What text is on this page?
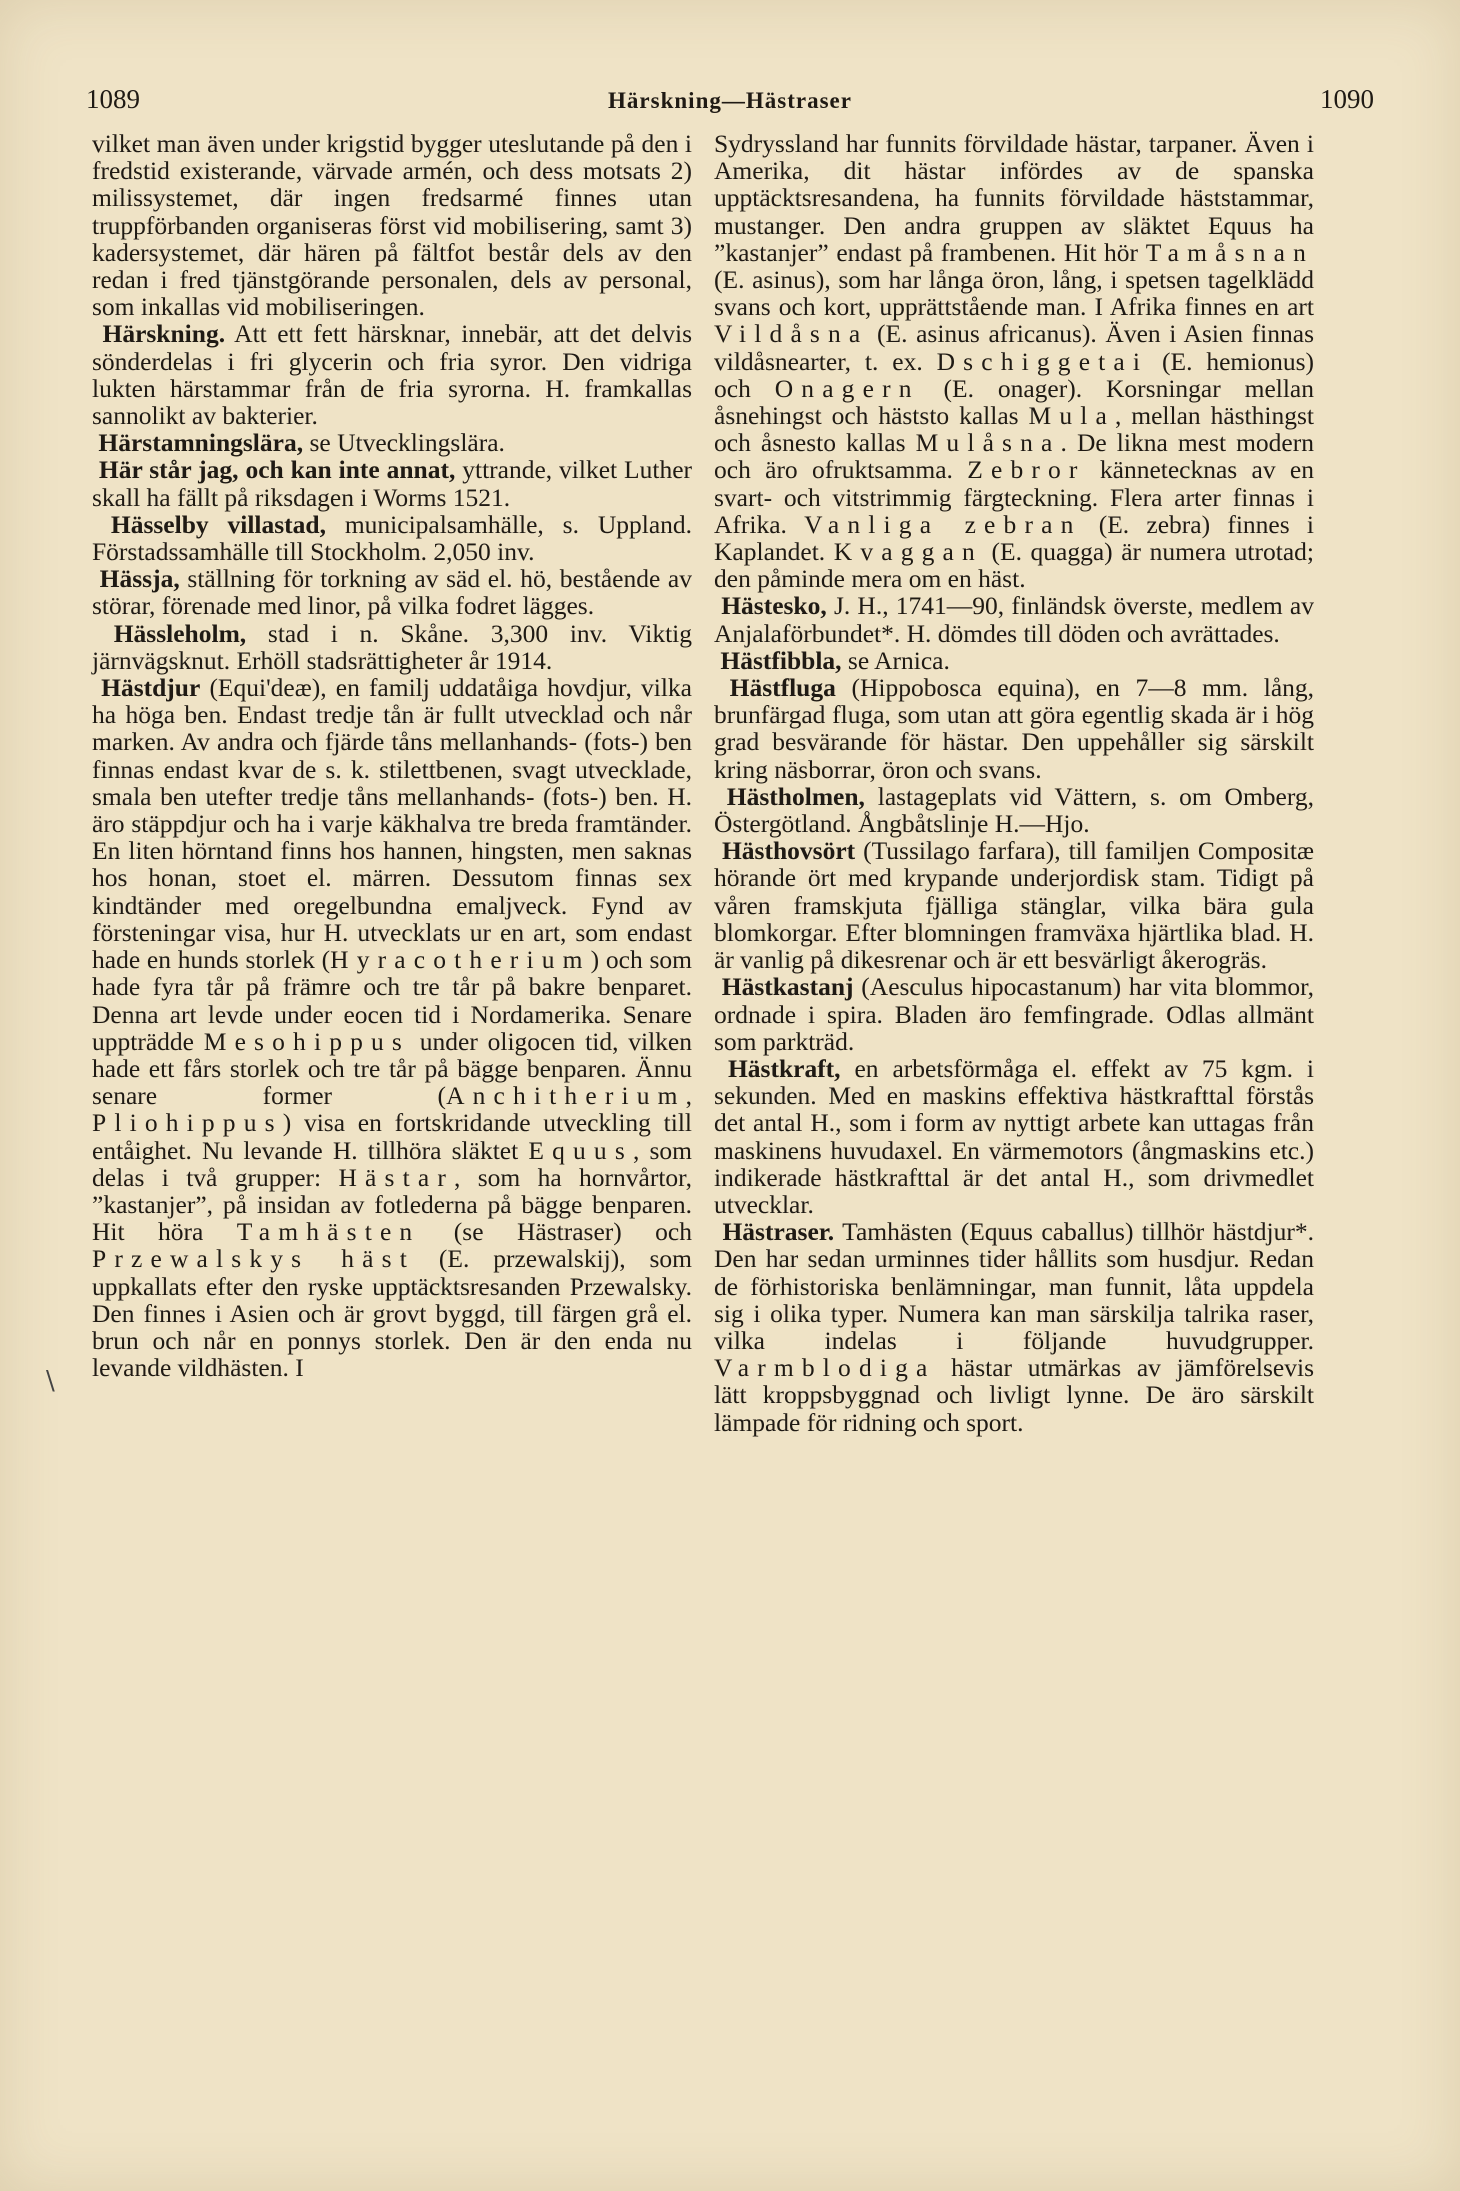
1089	Härskning—Hästraser	1090
\

vilket man även under krigstid bygger uteslutande på den i fredstid existerande, värvade armén, och dess motsats 2) milissystemet, där ingen fredsarmé finnes utan truppförbanden organiseras först vid mobilisering, samt 3) kadersystemet, där hären på fältfot består dels av den redan i fred tjänstgörande personalen, dels av personal, som inkallas vid mobiliseringen.

Härskning. Att ett fett härsknar, innebär, att det delvis sönderdelas i fri glycerin och fria syror. Den vidriga lukten härstammar från de fria syrorna. H. framkallas sannolikt av bakterier.

Härstamningslära, se Utvecklingslära.

Här står jag, och kan inte annat, yttrande, vilket Luther skall ha fällt på riksdagen i Worms 1521.

Hässelby villastad, municipalsamhälle, s. Uppland. Förstadssamhälle till Stockholm. 2,050 inv.

Hässja, ställning för torkning av säd el. hö, bestående av störar, förenade med linor, på vilka fodret lägges.

Hässleholm, stad i n. Skåne. 3,300 inv. Viktig järnvägsknut. Erhöll stadsrättigheter år 1914.

Hästdjur (Equi'deæ), en familj uddatåiga hovdjur, vilka ha höga ben. Endast tredje tån är fullt utvecklad och når marken. Av andra och fjärde tåns mellanhands- (fots-) ben finnas endast kvar de s. k. stilettbenen, svagt utvecklade, smala ben utefter tredje tåns mellanhands- (fots-) ben. H. äro stäppdjur och ha i varje käkhalva tre breda framtänder. En liten hörntand finns hos hannen, hingsten, men saknas hos honan, stoet el. märren. Dessutom finnas sex kindtänder med oregelbundna emaljveck. Fynd av försteningar visa, hur H. utvecklats ur en art, som endast hade en hunds storlek (Hyracotherium) och som hade fyra tår på främre och tre tår på bakre benparet. Denna art levde under eocen tid i Nordamerika. Senare uppträdde Mesohippus under oligocen tid, vilken hade ett fårs storlek och tre tår på bägge benparen. Ännu senare former (Anchitherium, Pliohippus) visa en fortskridande utveckling till entåighet. Nu levande H. tillhöra släktet Equus, som delas i två grupper: Hästar, som ha hornvårtor, ”kastanjer”, på insidan av fotlederna på bägge benparen. Hit höra Tamhästen (se Hästraser) och Przewalskys häst (E. przewalskij), som uppkallats efter den ryske upptäcktsresanden Przewalsky. Den finnes i Asien och är grovt byggd, till färgen grå el. brun och når en ponnys storlek. Den är den enda nu levande vildhästen. I

Sydryssland har funnits förvildade hästar, tarpaner. Även i Amerika, dit hästar infördes av de spanska upptäcktsresandena, ha funnits förvildade häststammar, mustanger. Den andra gruppen av släktet Equus ha ”kastanjer” endast på frambenen. Hit hör Tamåsnan (E. asinus), som har långa öron, lång, i spetsen tagelklädd svans och kort, upprättstående man. I Afrika finnes en art Vildåsna (E. asinus africanus). Även i Asien finnas vildåsnearter, t. ex. Dschiggetai (E. hemionus) och Onagern (E. onager). Korsningar mellan åsnehingst och häststo kallas Mula, mellan hästhingst och åsnesto kallas Mulåsna. De likna mest modern och äro ofruktsamma. Zebror kännetecknas av en svart- och vitstrimmig färgteckning. Flera arter finnas i Afrika. Vanliga zebran (E. zebra) finnes i Kaplandet. Kvaggan (E. quagga) är numera utrotad; den påminde mera om en häst.

Hästesko, J. H., 1741—90, finländsk överste, medlem av Anjalaförbundet*. H. dömdes till döden och avrättades.

Hästfibbla, se Arnica.

Hästfluga (Hippobosca equina), en 7—8 mm. lång, brunfärgad fluga, som utan att göra egentlig skada är i hög grad besvärande för hästar. Den uppehåller sig särskilt kring näsborrar, öron och svans.

Hästholmen, lastageplats vid Vättern, s. om Omberg, Östergötland. Ångbåtslinje H.—Hjo.

Hästhovsört (Tussilago farfara), till familjen Compositæ hörande ört med krypande underjordisk stam. Tidigt på våren framskjuta fjälliga stänglar, vilka bära gula blomkorgar. Efter blomningen framväxa hjärtlika blad. H. är vanlig på dikesrenar och är ett besvärligt åkerogräs.

Hästkastanj (Aesculus hipocastanum) har vita blommor, ordnade i spira. Bladen äro femfingrade. Odlas allmänt som parkträd.

Hästkraft, en arbetsförmåga el. effekt av 75 kgm. i sekunden. Med en maskins effektiva hästkrafttal förstås det antal H., som i form av nyttigt arbete kan uttagas från maskinens huvudaxel. En värmemotors (ångmaskins etc.) indikerade hästkrafttal är det antal H., som drivmedlet utvecklar.

Hästraser. Tamhästen (Equus caballus) tillhör hästdjur*. Den har sedan urminnes tider hållits som husdjur. Redan de förhistoriska benlämningar, man funnit, låta uppdela sig i olika typer. Numera kan man särskilja talrika raser, vilka indelas i följande huvudgrupper. Varmblodiga hästar utmärkas av jämförelsevis lätt kroppsbyggnad och livligt lynne. De äro särskilt lämpade för ridning och sport.
